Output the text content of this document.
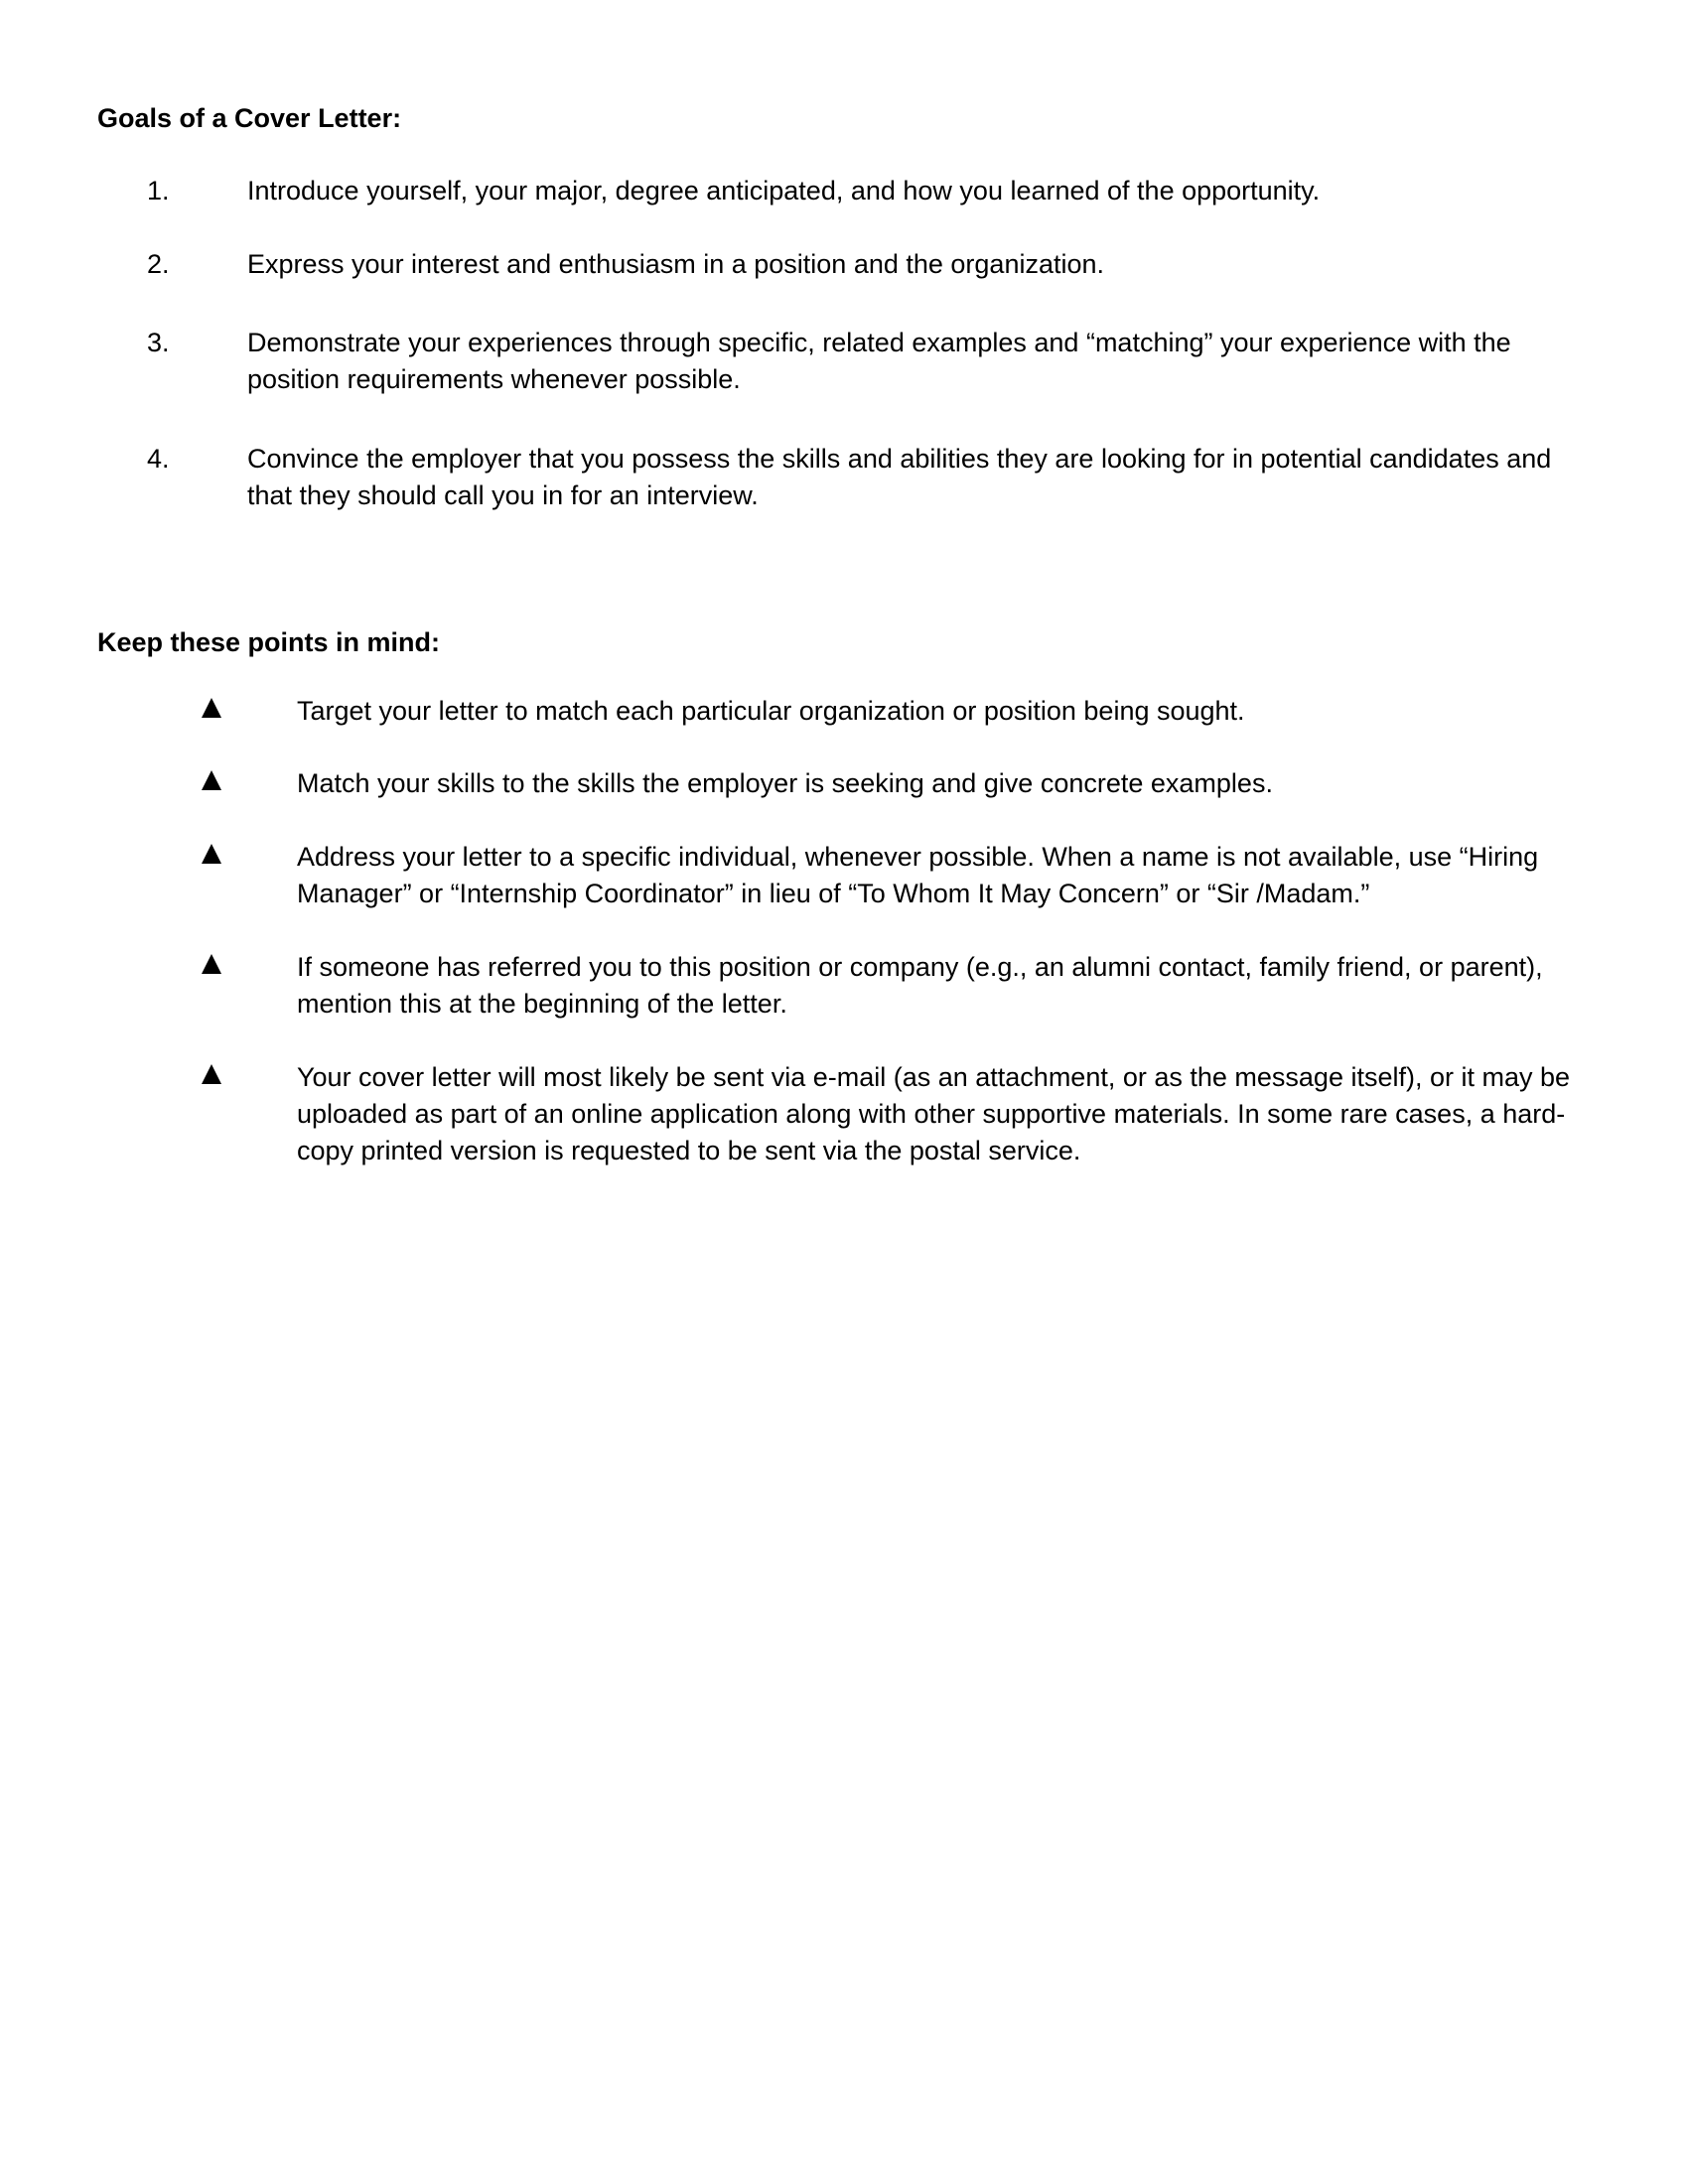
Goals of a Cover Letter:
1.	Introduce yourself, your major, degree anticipated, and how you learned of the opportunity.
2.	Express your interest and enthusiasm in a position and the organization.
3.	Demonstrate your experiences through specific, related examples and “matching” your experience with the position requirements whenever possible.
4.	Convince the employer that you possess the skills and abilities they are looking for in potential candidates and that they should call you in for an interview.
Keep these points in mind:
Target your letter to match each particular organization or position being sought.
Match your skills to the skills the employer is seeking and give concrete examples.
Address your letter to a specific individual, whenever possible. When a name is not available, use “Hiring Manager” or “Internship Coordinator” in lieu of “To Whom It May Concern” or “Sir /Madam.”
If someone has referred you to this position or company (e.g., an alumni contact, family friend, or parent), mention this at the beginning of the letter.
Your cover letter will most likely be sent via e-mail (as an attachment, or as the message itself), or it may be uploaded as part of an online application along with other supportive materials. In some rare cases, a hard-copy printed version is requested to be sent via the postal service.
